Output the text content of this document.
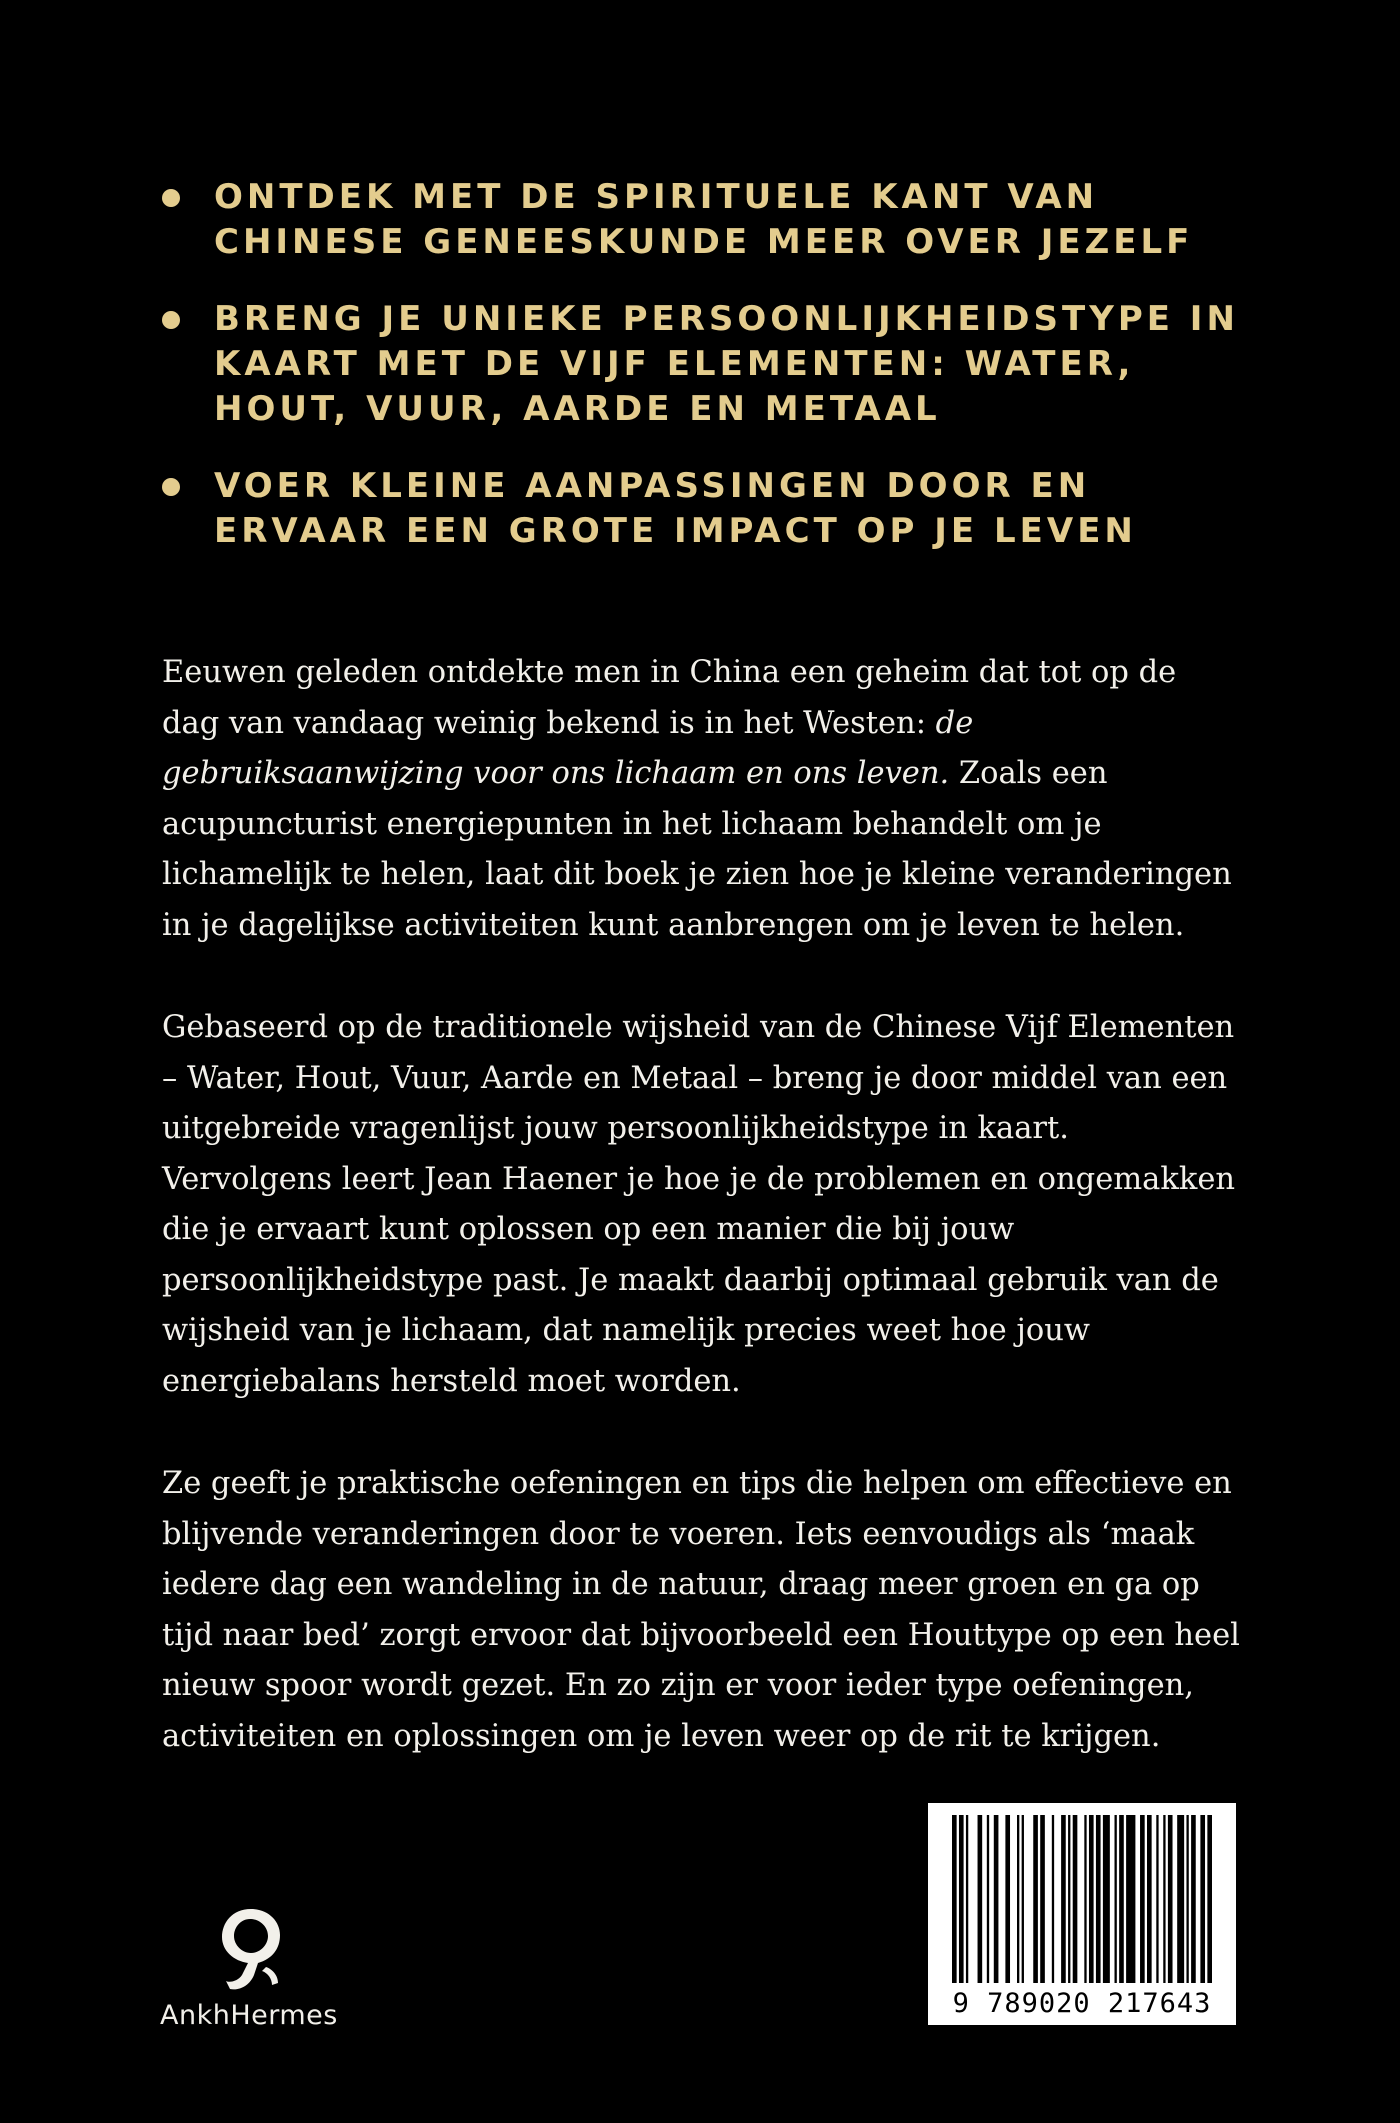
ONTDEK MET DE SPIRITUELE KANT VAN CHINESE GENEESKUNDE MEER OVER JEZELF
BRENG JE UNIEKE PERSOONLIJKHEIDSTYPE IN KAART MET DE VIJF ELEMENTEN: WATER, HOUT, VUUR, AARDE EN METAAL
VOER KLEINE AANPASSINGEN DOOR EN ERVAAR EEN GROTE IMPACT OP JE LEVEN

Eeuwen geleden ontdekte men in China een geheim dat tot op de dag van vandaag weinig bekend is in het Westen: de gebruiksaanwijzing voor ons lichaam en ons leven. Zoals een acupuncturist energiepunten in het lichaam behandelt om je lichamelijk te helen, laat dit boek je zien hoe je kleine veranderingen in je dagelijkse activiteiten kunt aanbrengen om je leven te helen.

Gebaseerd op de traditionele wijsheid van de Chinese Vijf Elementen – Water, Hout, Vuur, Aarde en Metaal – breng je door middel van een uitgebreide vragenlijst jouw persoonlijkheidstype in kaart. Vervolgens leert Jean Haener je hoe je de problemen en ongemakken die je ervaart kunt oplossen op een manier die bij jouw persoonlijkheidstype past. Je maakt daarbij optimaal gebruik van de wijsheid van je lichaam, dat namelijk precies weet hoe jouw energiebalans hersteld moet worden.

Ze geeft je praktische oefeningen en tips die helpen om effectieve en blijvende veranderingen door te voeren. Iets eenvoudigs als ‘maak iedere dag een wandeling in de natuur, draag meer groen en ga op tijd naar bed’ zorgt ervoor dat bijvoorbeeld een Houttype op een heel nieuw spoor wordt gezet. En zo zijn er voor ieder type oefeningen, activiteiten en oplossingen om je leven weer op de rit te krijgen.

AnkhHermes	9 789020 217643
